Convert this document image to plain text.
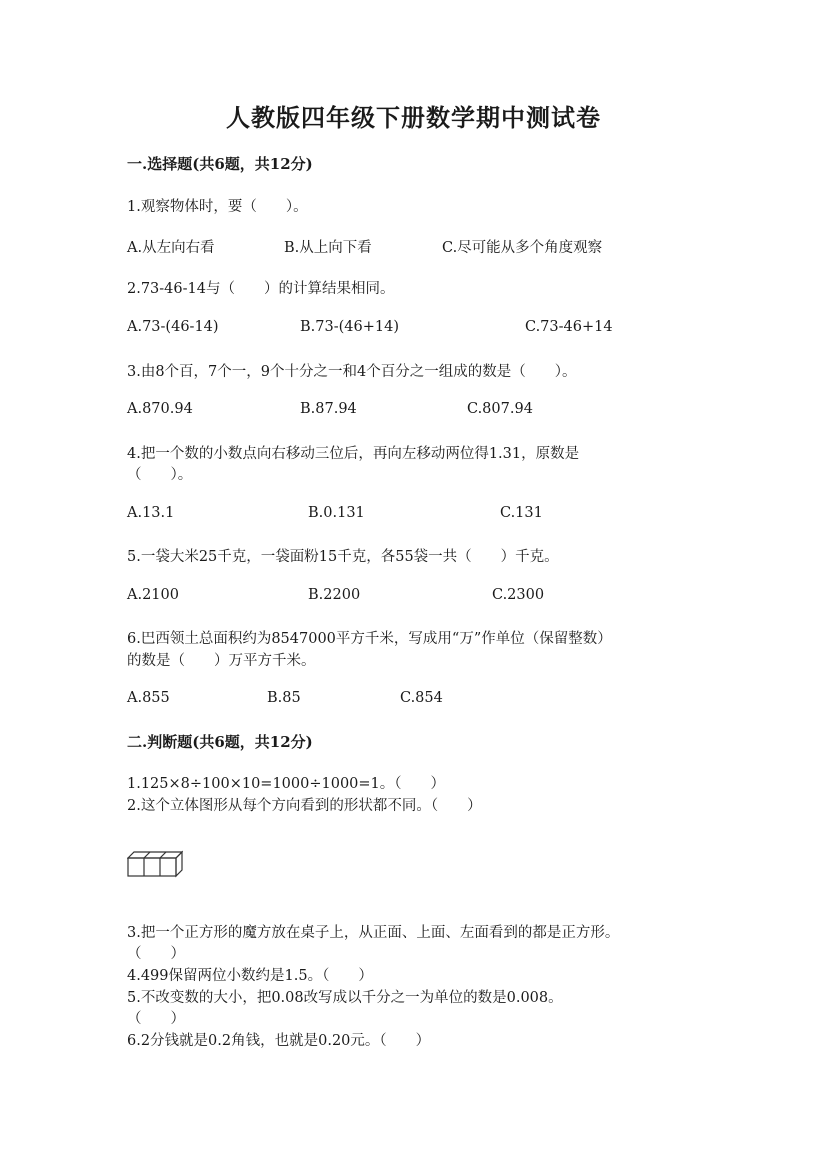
人教版四年级下册数学期中测试卷
一.选择题(共6题，共12分)
1.观察物体时，要（　　）。
A.从左向右看	B.从上向下看	C.尽可能从多个角度观察
2.73-46-14与（　　）的计算结果相同。
A.73-(46-14)	B.73-(46+14)	C.73-46+14
3.由8个百，7个一，9个十分之一和4个百分之一组成的数是（　　）。
A.870.94	B.87.94	C.807.94
4.把一个数的小数点向右移动三位后，再向左移动两位得1.31，原数是
（　　）。
A.13.1	B.0.131	C.131
5.一袋大米25千克，一袋面粉15千克，各55袋一共（　　）千克。
A.2100	B.2200	C.2300
6.巴西领土总面积约为8547000平方千米，写成用“万”作单位（保留整数）
的数是（　　）万平方千米。
A.855	B.85	C.854
二.判断题(共6题，共12分)
1.125×8÷100×10=1000÷1000=1。（　　）
2.这个立体图形从每个方向看到的形状都不同。（　　）
3.把一个正方形的魔方放在桌子上，从正面、上面、左面看到的都是正方形。
（　　）
4.499保留两位小数约是1.5。（　　）
5.不改变数的大小，把0.08改写成以千分之一为单位的数是0.008。
（　　）
6.2分钱就是0.2角钱，也就是0.20元。（　　）
